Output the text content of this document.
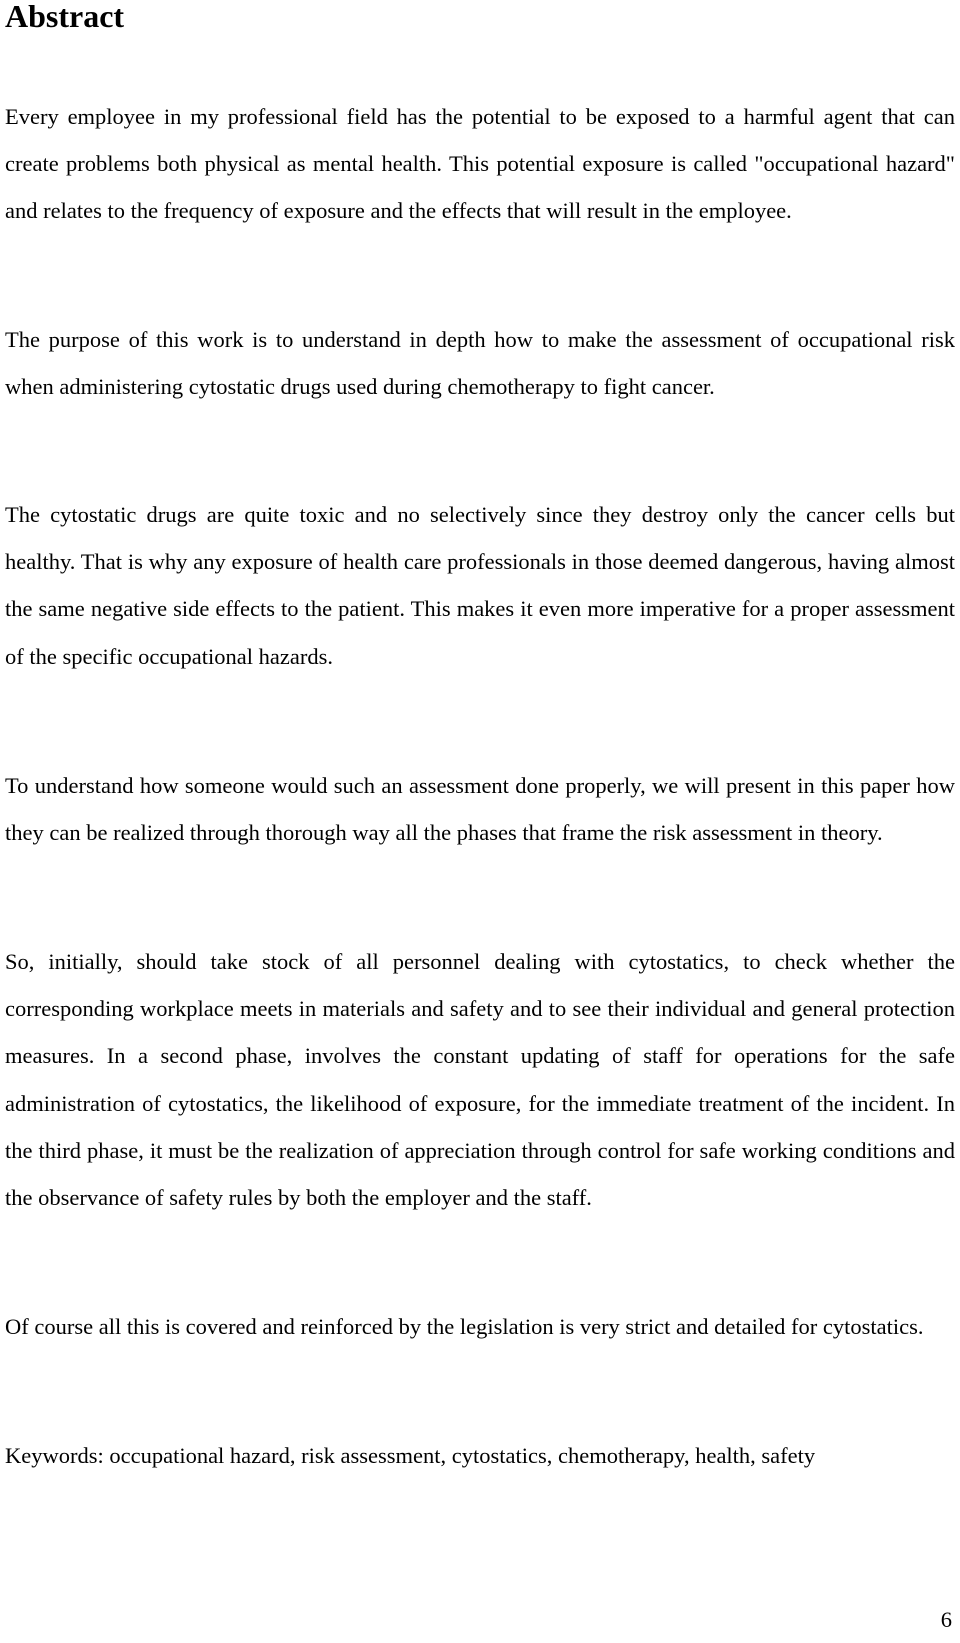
Abstract

Every employee in my professional field has the potential to be exposed to a harmful agent that can create problems both physical as mental health. This potential exposure is called "occupational hazard" and relates to the frequency of exposure and the effects that will result in the employee.

The purpose of this work is to understand in depth how to make the assessment of occupational risk when administering cytostatic drugs used during chemotherapy to fight cancer.

The cytostatic drugs are quite toxic and no selectively since they destroy only the cancer cells but healthy. That is why any exposure of health care professionals in those deemed dangerous, having almost the same negative side effects to the patient. This makes it even more imperative for a proper assessment of the specific occupational hazards.

To understand how someone would such an assessment done properly, we will present in this paper how they can be realized through thorough way all the phases that frame the risk assessment in theory.

So, initially, should take stock of all personnel dealing with cytostatics, to check whether the corresponding workplace meets in materials and safety and to see their individual and general protection measures. In a second phase, involves the constant updating of staff for operations for the safe administration of cytostatics, the likelihood of exposure, for the immediate treatment of the incident. In the third phase, it must be the realization of appreciation through control for safe working conditions and the observance of safety rules by both the employer and the staff.

Of course all this is covered and reinforced by the legislation is very strict and detailed for cytostatics.

Keywords: occupational hazard, risk assessment, cytostatics, chemotherapy, health, safety

6
